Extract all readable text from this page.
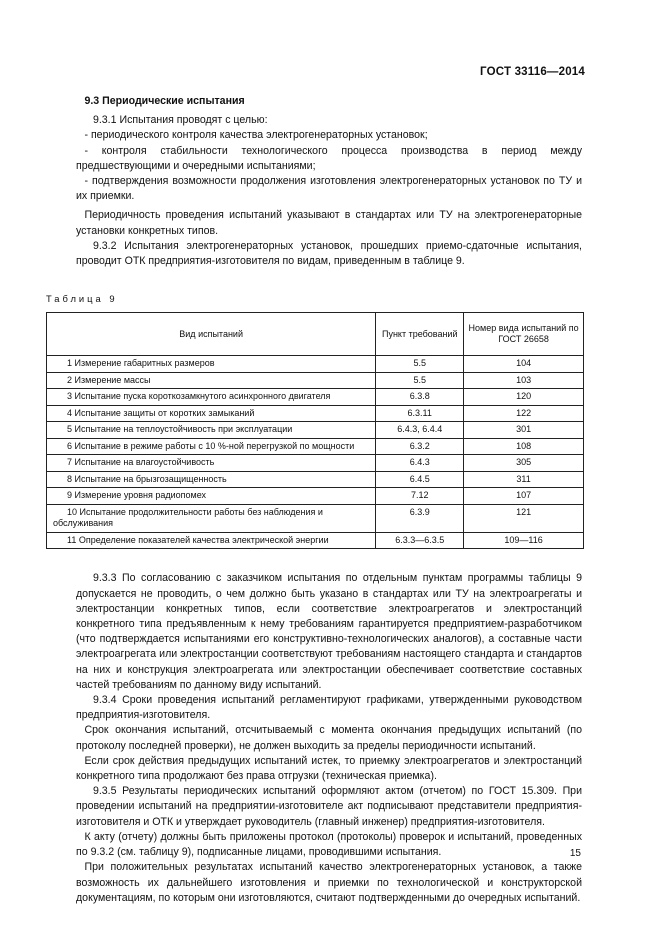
ГОСТ 33116—2014

9.3 Периодические испытания

9.3.1 Испытания проводят с целью:

- периодического контроля качества электрогенераторных установок;

- контроля стабильности технологического процесса производства в период между предшествующими и очередными испытаниями;

- подтверждения возможности продолжения изготовления электрогенераторных установок по ТУ и их приемки.

Периодичность проведения испытаний указывают в стандартах или ТУ на электрогенераторные установки конкретных типов.

9.3.2 Испытания электрогенераторных установок, прошедших приемо-сдаточные испытания, проводит ОТК предприятия-изготовителя по видам, приведенным в таблице 9.

Таблица 9

Вид испытаний	Пункт требований	Номер вида испытаний по ГОСТ 26658
1 Измерение габаритных размеров	5.5	104
2 Измерение массы	5.5	103
3 Испытание пуска короткозамкнутого асинхронного двигателя	6.3.8	120
4 Испытание защиты от коротких замыканий	6.3.11	122
5 Испытание на теплоустойчивость при эксплуатации	6.4.3, 6.4.4	301
6 Испытание в режиме работы с 10 %-ной перегрузкой по мощности	6.3.2	108
7 Испытание на влагоустойчивость	6.4.3	305
8 Испытание на брызгозащищенность	6.4.5	311
9 Измерение уровня радиопомех	7.12	107
10 Испытание продолжительности работы без наблюдения и обслуживания	6.3.9	121
11 Определение показателей качества электрической энергии	6.3.3—6.3.5	109—116

9.3.3 По согласованию с заказчиком испытания по отдельным пунктам программы таблицы 9 допускается не проводить, о чем должно быть указано в стандартах или ТУ на электроагрегаты и электростанции конкретных типов, если соответствие электроагрегатов и электростанций конкретного типа предъявленным к нему требованиям гарантируется предприятием-разработчиком (что подтверждается испытаниями его конструктивно-технологических аналогов), а составные части электроагрегата или электростанции соответствуют требованиям настоящего стандарта и стандартов на них и конструкция электроагрегата или электростанции обеспечивает соответствие составных частей требованиям по данному виду испытаний.

9.3.4 Сроки проведения испытаний регламентируют графиками, утвержденными руководством предприятия-изготовителя.

Срок окончания испытаний, отсчитываемый с момента окончания предыдущих испытаний (по протоколу последней проверки), не должен выходить за пределы периодичности испытаний.

Если срок действия предыдущих испытаний истек, то приемку электроагрегатов и электростанций конкретного типа продолжают без права отгрузки (техническая приемка).

9.3.5 Результаты периодических испытаний оформляют актом (отчетом) по ГОСТ 15.309. При проведении испытаний на предприятии-изготовителе акт подписывают представители предприятия-изготовителя и ОТК и утверждает руководитель (главный инженер) предприятия-изготовителя.

К акту (отчету) должны быть приложены протокол (протоколы) проверок и испытаний, проведенных по 9.3.2 (см. таблицу 9), подписанные лицами, проводившими испытания.

При положительных результатах испытаний качество электрогенераторных установок, а также возможность их дальнейшего изготовления и приемки по технологической и конструкторской документациям, по которым они изготовляются, считают подтвержденными до очередных испытаний.

15
